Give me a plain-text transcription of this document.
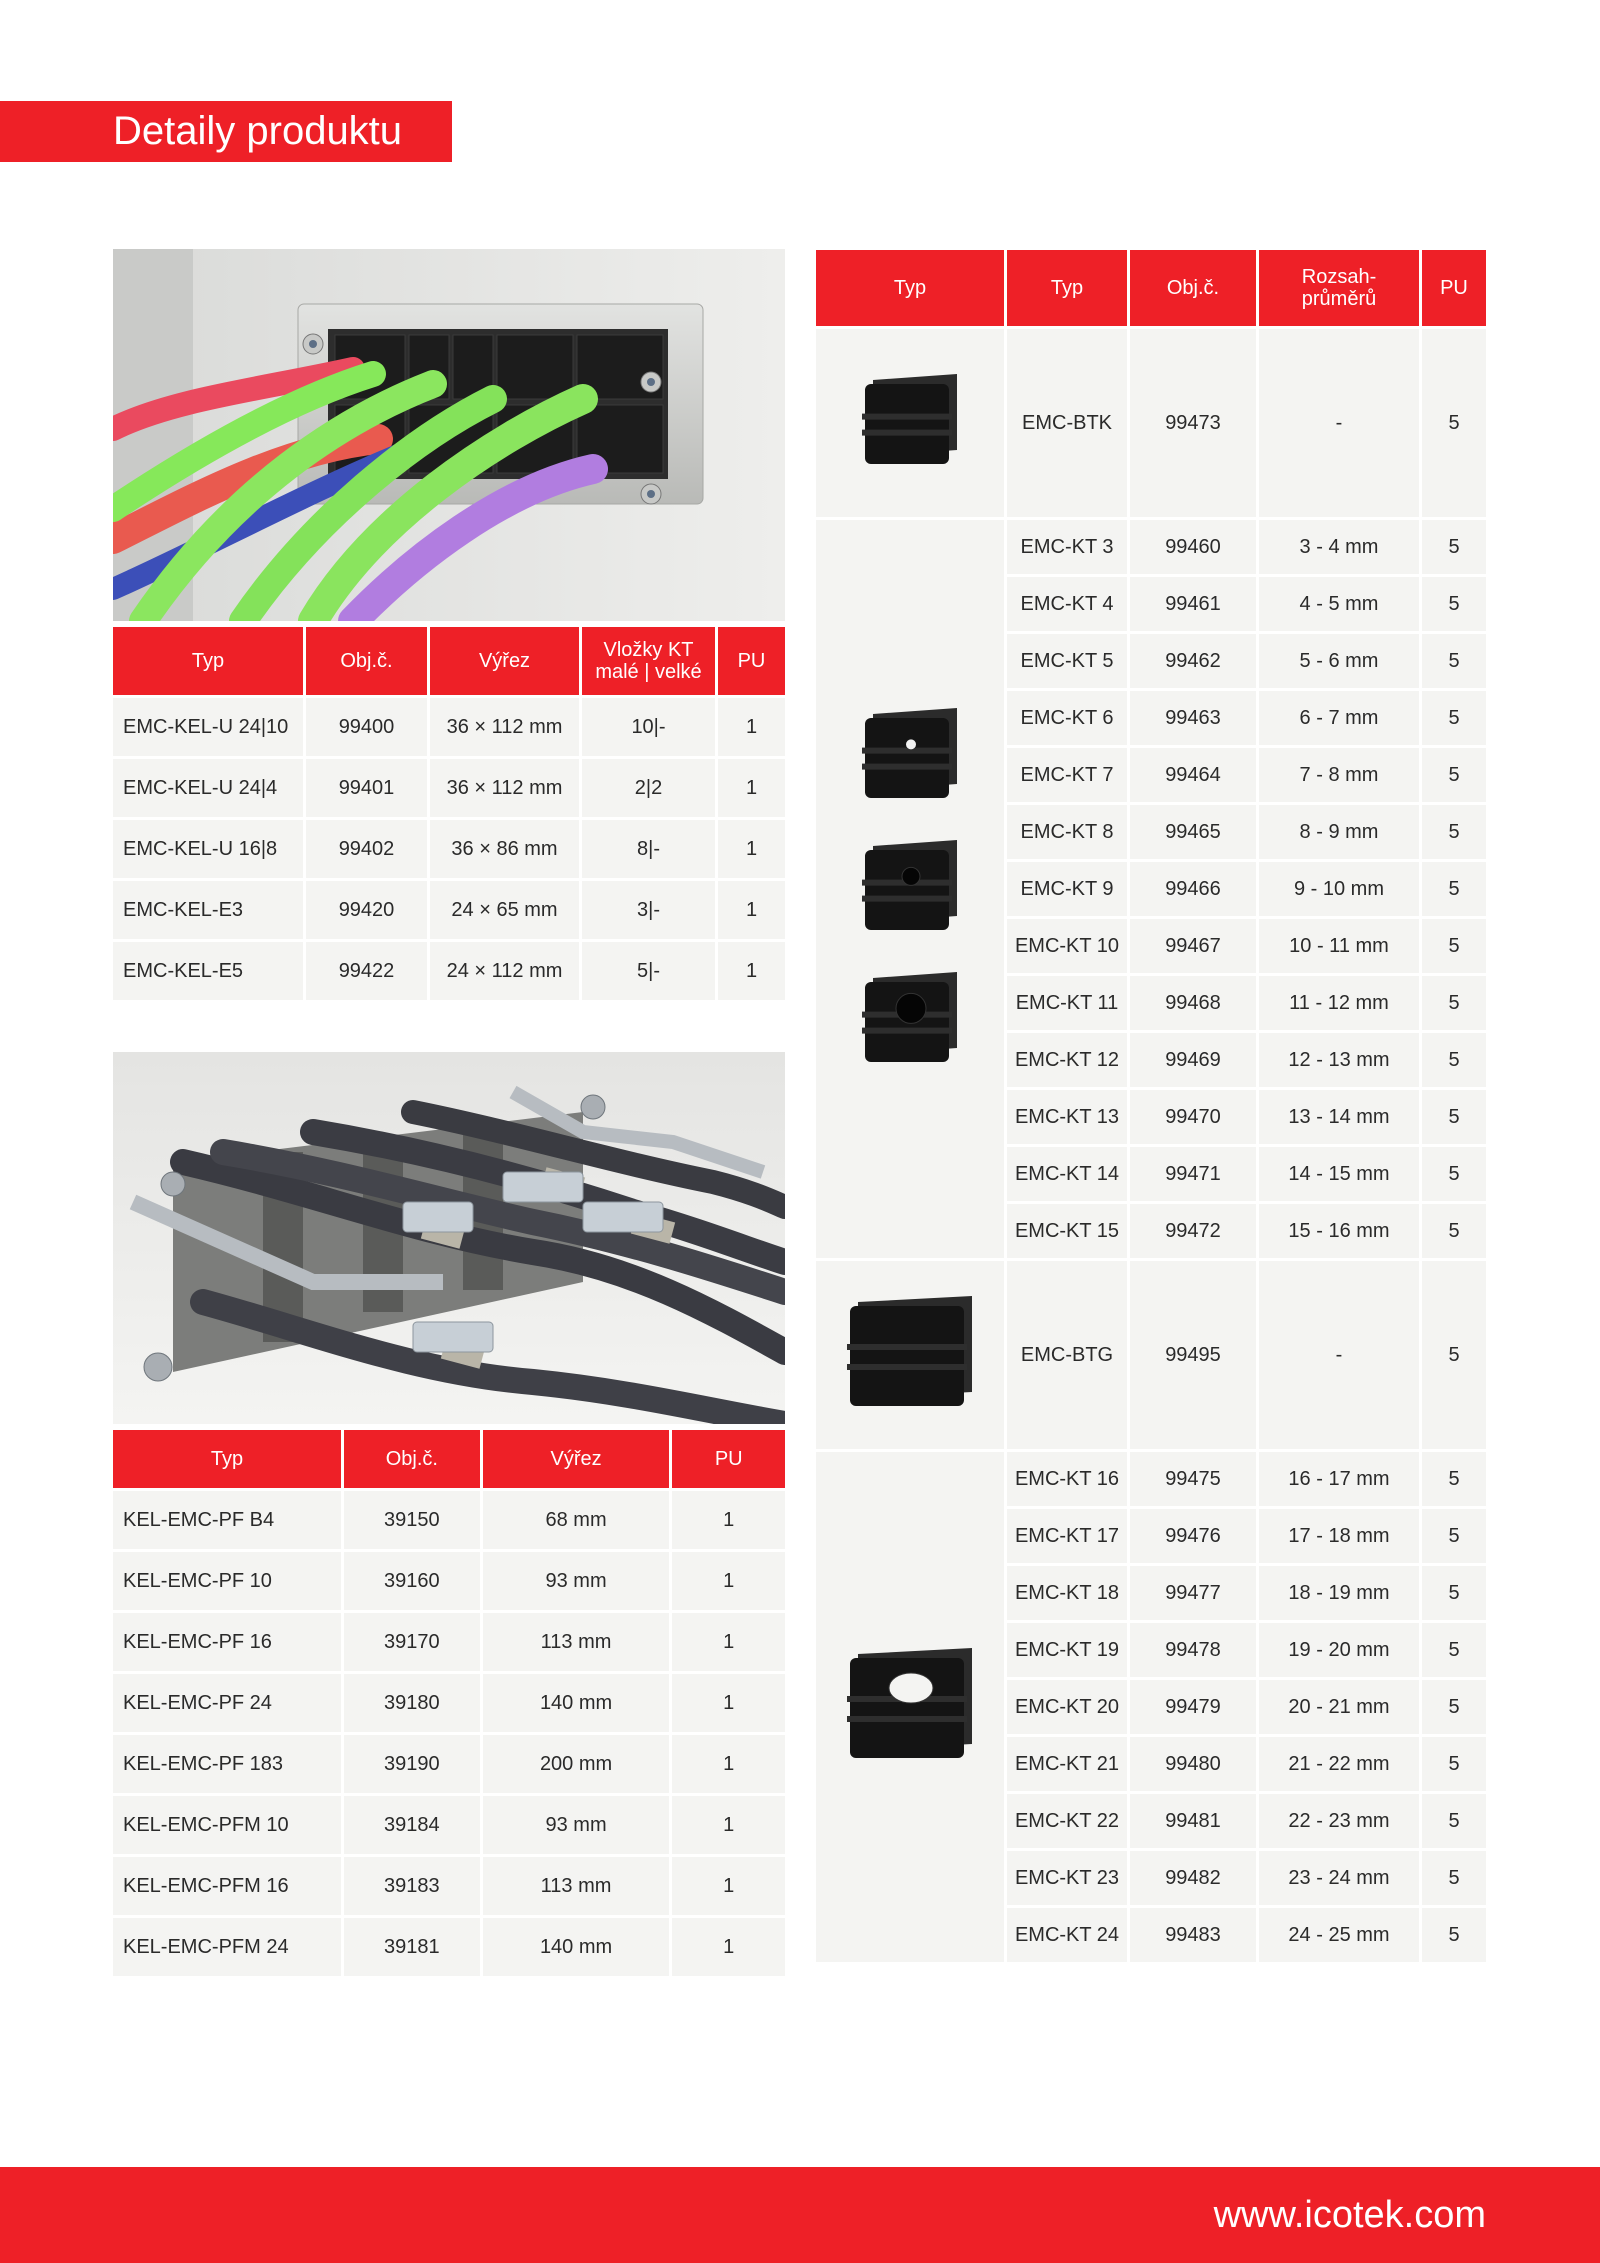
Detaily produktu
Typ	Obj.č.	Výřez	Vložky KT
malé | velké	PU
EMC-KEL-U 24|10	99400	36 × 112 mm	10|-	1
EMC-KEL-U 24|4	99401	36 × 112 mm	2|2	1
EMC-KEL-U 16|8	99402	36 × 86 mm	8|-	1
EMC-KEL-E3	99420	24 × 65 mm	3|-	1
EMC-KEL-E5	99422	24 × 112 mm	5|-	1
Typ	Obj.č.	Výřez	PU
KEL-EMC-PF B4	39150	68 mm	1
KEL-EMC-PF 10	39160	93 mm	1
KEL-EMC-PF 16	39170	113 mm	1
KEL-EMC-PF 24	39180	140 mm	1
KEL-EMC-PF 183	39190	200 mm	1
KEL-EMC-PFM 10	39184	93 mm	1
KEL-EMC-PFM 16	39183	113 mm	1
KEL-EMC-PFM 24	39181	140 mm	1
Typ	Typ	Obj.č.	Rozsah-
průměrů	PU

	EMC-BTK	99473	-	5

	EMC-KT 3	99460	3 - 4 mm	5
	EMC-KT 4	99461	4 - 5 mm	5
	EMC-KT 5	99462	5 - 6 mm	5
	EMC-KT 6	99463	6 - 7 mm	5
	EMC-KT 7	99464	7 - 8 mm	5
	EMC-KT 8	99465	8 - 9 mm	5
	EMC-KT 9	99466	9 - 10 mm	5
	EMC-KT 10	99467	10 - 11 mm	5
	EMC-KT 11	99468	11 - 12 mm	5
	EMC-KT 12	99469	12 - 13 mm	5
	EMC-KT 13	99470	13 - 14 mm	5
	EMC-KT 14	99471	14 - 15 mm	5
	EMC-KT 15	99472	15 - 16 mm	5

	EMC-BTG	99495	-	5

	EMC-KT 16	99475	16 - 17 mm	5
	EMC-KT 17	99476	17 - 18 mm	5
	EMC-KT 18	99477	18 - 19 mm	5
	EMC-KT 19	99478	19 - 20 mm	5
	EMC-KT 20	99479	20 - 21 mm	5
	EMC-KT 21	99480	21 - 22 mm	5
	EMC-KT 22	99481	22 - 23 mm	5
	EMC-KT 23	99482	23 - 24 mm	5
	EMC-KT 24	99483	24 - 25 mm	5
www.icotek.com
